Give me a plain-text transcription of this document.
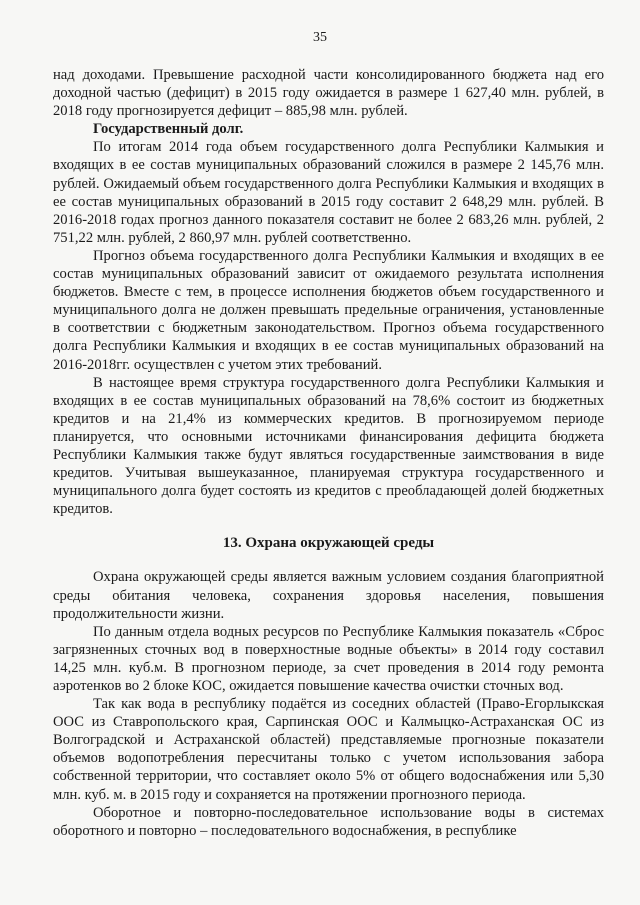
35

над доходами. Превышение расходной части консолидированного бюджета над его доходной частью (дефицит) в 2015 году ожидается в размере 1 627,40 млн. рублей, в 2018 году прогнозируется дефицит – 885,98 млн. рублей.

Государственный долг.

По итогам 2014 года объем государственного долга Республики Калмыкия и входящих в ее состав муниципальных образований сложился в размере 2 145,76 млн. рублей. Ожидаемый объем государственного долга Республики Калмыкия и входящих в ее состав муниципальных образований в 2015 году составит 2 648,29 млн. рублей. В 2016-2018 годах прогноз данного показателя составит не более 2 683,26 млн. рублей, 2 751,22 млн. рублей, 2 860,97 млн. рублей соответственно.

Прогноз объема государственного долга Республики Калмыкия и входящих в ее состав муниципальных образований зависит от ожидаемого результата исполнения бюджетов. Вместе с тем, в процессе исполнения бюджетов объем государственного и муниципального долга не должен превышать предельные ограничения, установленные в соответствии с бюджетным законодательством. Прогноз объема государственного долга Республики Калмыкия и входящих в ее состав муниципальных образований на 2016-2018гг. осуществлен с учетом этих требований.

В настоящее время структура государственного долга Республики Калмыкия и входящих в ее состав муниципальных образований на 78,6% состоит из бюджетных кредитов и на 21,4% из коммерческих кредитов. В прогнозируемом периоде планируется, что основными источниками финансирования дефицита бюджета Республики Калмыкия также будут являться государственные заимствования в виде кредитов. Учитывая вышеуказанное, планируемая структура государственного и муниципального долга будет состоять из кредитов с преобладающей долей бюджетных кредитов.

13. Охрана окружающей среды

Охрана окружающей среды является важным условием создания благоприятной среды обитания человека, сохранения здоровья населения, повышения продолжительности жизни.

По данным отдела водных ресурсов по Республике Калмыкия показатель «Сброс загрязненных сточных вод в поверхностные водные объекты» в 2014 году составил 14,25 млн. куб.м. В прогнозном периоде, за счет проведения в 2014 году ремонта аэротенков во 2 блоке КОС, ожидается повышение качества очистки сточных вод.

Так как вода в республику подаётся из соседних областей (Право-Егорлыкская ООС из Ставропольского края, Сарпинская ООС и Калмыцко-Астраханская ОС из Волгоградской и Астраханской областей) представляемые прогнозные показатели объемов водопотребления пересчитаны только с учетом использования забора собственной территории, что составляет около 5% от общего водоснабжения или 5,30 млн. куб. м. в 2015 году и сохраняется на протяжении прогнозного периода.

Оборотное и повторно-последовательное использование воды в системах оборотного и повторно – последовательного водоснабжения, в республике
